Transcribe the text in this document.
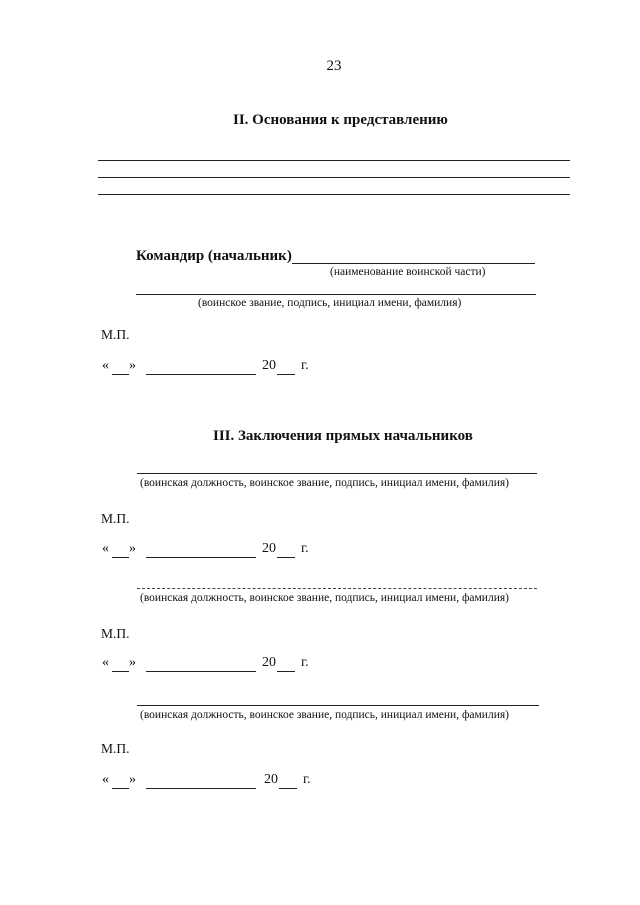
23
II. Основания к представлению
Командир (начальник)
(наименование воинской части)
(воинское звание, подпись, инициал имени, фамилия)
М.П.
« »	20 г.
III. Заключения прямых начальников
(воинская должность, воинское звание, подпись, инициал имени, фамилия)
М.П.
« »	20 г.
(воинская должность, воинское звание, подпись, инициал имени, фамилия)
М.П.
« »	20 г.
(воинская должность, воинское звание, подпись, инициал имени, фамилия)
М.П.
« »	20 г.
